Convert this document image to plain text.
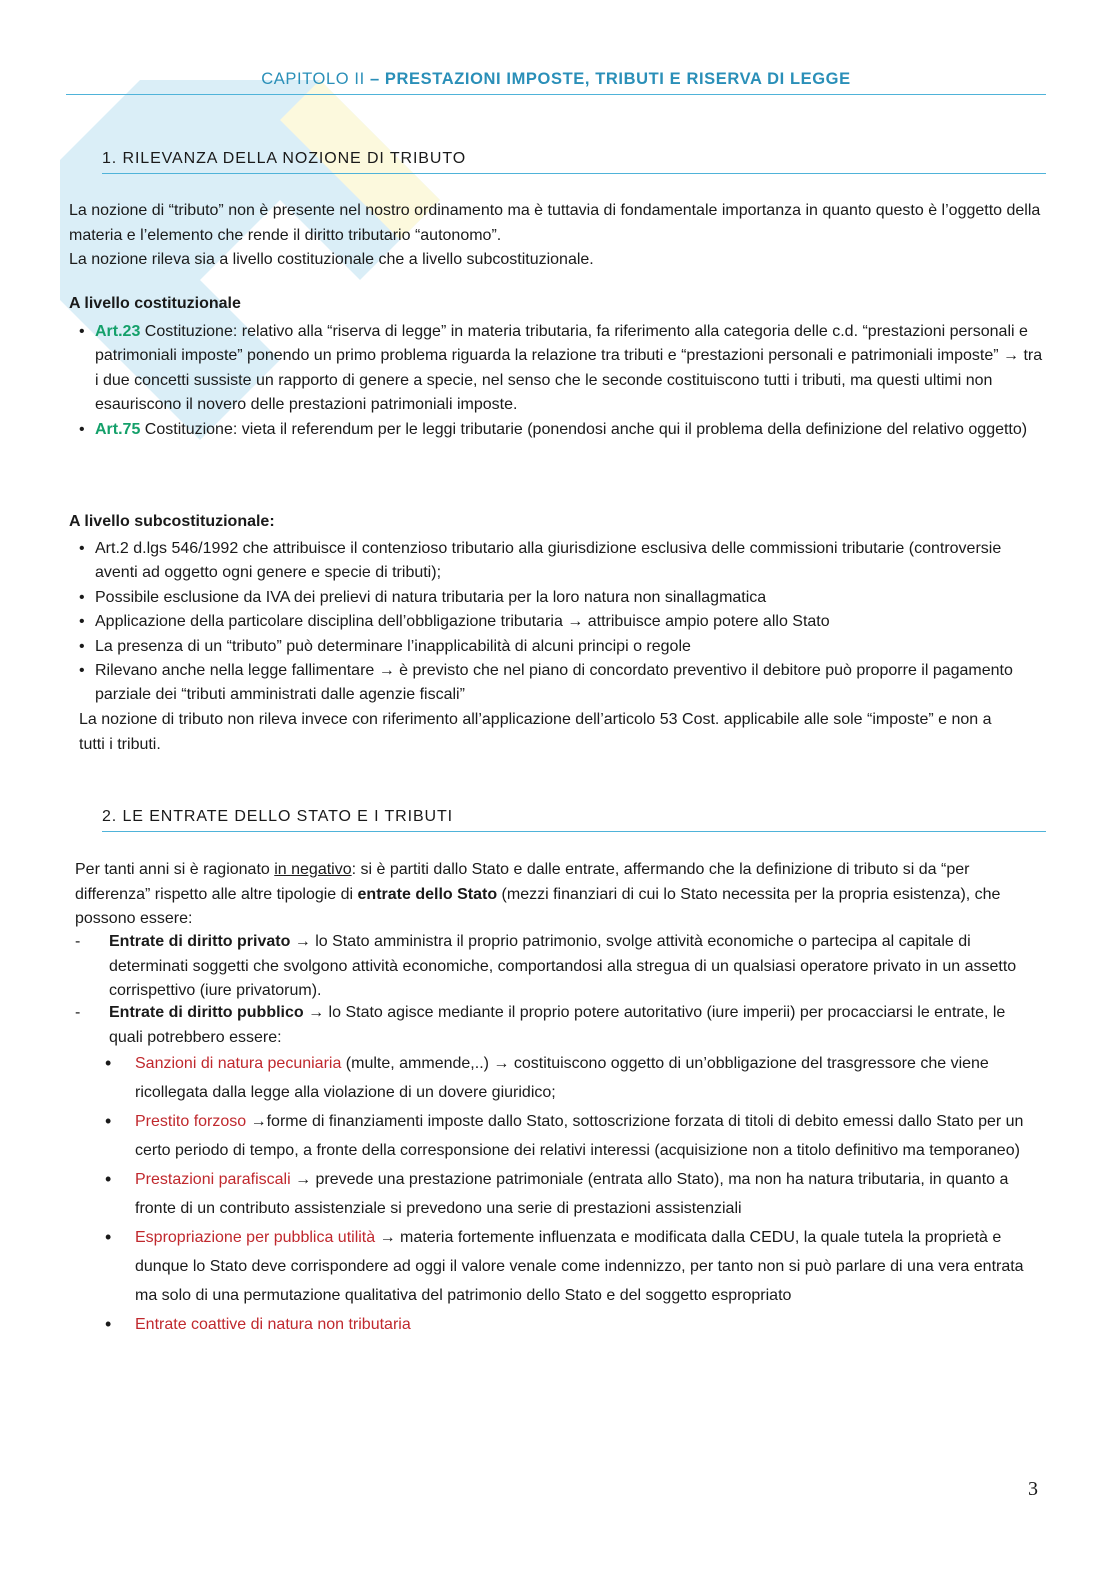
CAPITOLO II – PRESTAZIONI IMPOSTE, TRIBUTI E RISERVA DI LEGGE
1. RILEVANZA DELLA NOZIONE DI TRIBUTO
La nozione di “tributo” non è presente nel nostro ordinamento ma è tuttavia di fondamentale importanza in quanto questo è l’oggetto della materia e l’elemento che rende il diritto tributario “autonomo”.
La nozione rileva sia a livello costituzionale che a livello subcostituzionale.
A livello costituzionale
• Art.23 Costituzione: relativo alla “riserva di legge” in materia tributaria, fa riferimento alla categoria delle c.d. “prestazioni personali e patrimoniali imposte” ponendo un primo problema riguarda la relazione tra tributi e “prestazioni personali e patrimoniali imposte” → tra i due concetti sussiste un rapporto di genere a specie, nel senso che le seconde costituiscono tutti i tributi, ma questi ultimi non esauriscono il novero delle prestazioni patrimoniali imposte.
• Art.75 Costituzione: vieta il referendum per le leggi tributarie (ponendosi anche qui il problema della definizione del relativo oggetto)
A livello subcostituzionale:
• Art.2 d.lgs 546/1992 che attribuisce il contenzioso tributario alla giurisdizione esclusiva delle commissioni tributarie (controversie aventi ad oggetto ogni genere e specie di tributi);
• Possibile esclusione da IVA dei prelievi di natura tributaria per la loro natura non sinallagmatica
• Applicazione della particolare disciplina dell’obbligazione tributaria → attribuisce ampio potere allo Stato
• La presenza di un “tributo” può determinare l’inapplicabilità di alcuni principi o regole
• Rilevano anche nella legge fallimentare → è previsto che nel piano di concordato preventivo il debitore può proporre il pagamento parziale dei “tributi amministrati dalle agenzie fiscali”
La nozione di tributo non rileva invece con riferimento all’applicazione dell’articolo 53 Cost. applicabile alle sole “imposte” e non a tutti i tributi.
2. LE ENTRATE DELLO STATO E I TRIBUTI
Per tanti anni si è ragionato in negativo: si è partiti dallo Stato e dalle entrate, affermando che la definizione di tributo si da “per differenza” rispetto alle altre tipologie di entrate dello Stato (mezzi finanziari di cui lo Stato necessita per la propria esistenza), che possono essere:
- Entrate di diritto privato → lo Stato amministra il proprio patrimonio, svolge attività economiche o partecipa al capitale di determinati soggetti che svolgono attività economiche, comportandosi alla stregua di un qualsiasi operatore privato in un assetto corrispettivo (iure privatorum).
- Entrate di diritto pubblico → lo Stato agisce mediante il proprio potere autoritativo (iure imperii) per procacciarsi le entrate, le quali potrebbero essere:
• Sanzioni di natura pecuniaria (multe, ammende,..) → costituiscono oggetto di un’obbligazione del trasgressore che viene ricollegata dalla legge alla violazione di un dovere giuridico;
• Prestito forzoso →forme di finanziamenti imposte dallo Stato, sottoscrizione forzata di titoli di debito emessi dallo Stato per un certo periodo di tempo, a fronte della corresponsione dei relativi interessi (acquisizione non a titolo definitivo ma temporaneo)
• Prestazioni parafiscali → prevede una prestazione patrimoniale (entrata allo Stato), ma non ha natura tributaria, in quanto a fronte di un contributo assistenziale si prevedono una serie di prestazioni assistenziali
• Espropriazione per pubblica utilità → materia fortemente influenzata e modificata dalla CEDU, la quale tutela la proprietà e dunque lo Stato deve corrispondere ad oggi il valore venale come indennizzo, per tanto non si può parlare di una vera entrata ma solo di una permutazione qualitativa del patrimonio dello Stato e del soggetto espropriato
• Entrate coattive di natura non tributaria
3
